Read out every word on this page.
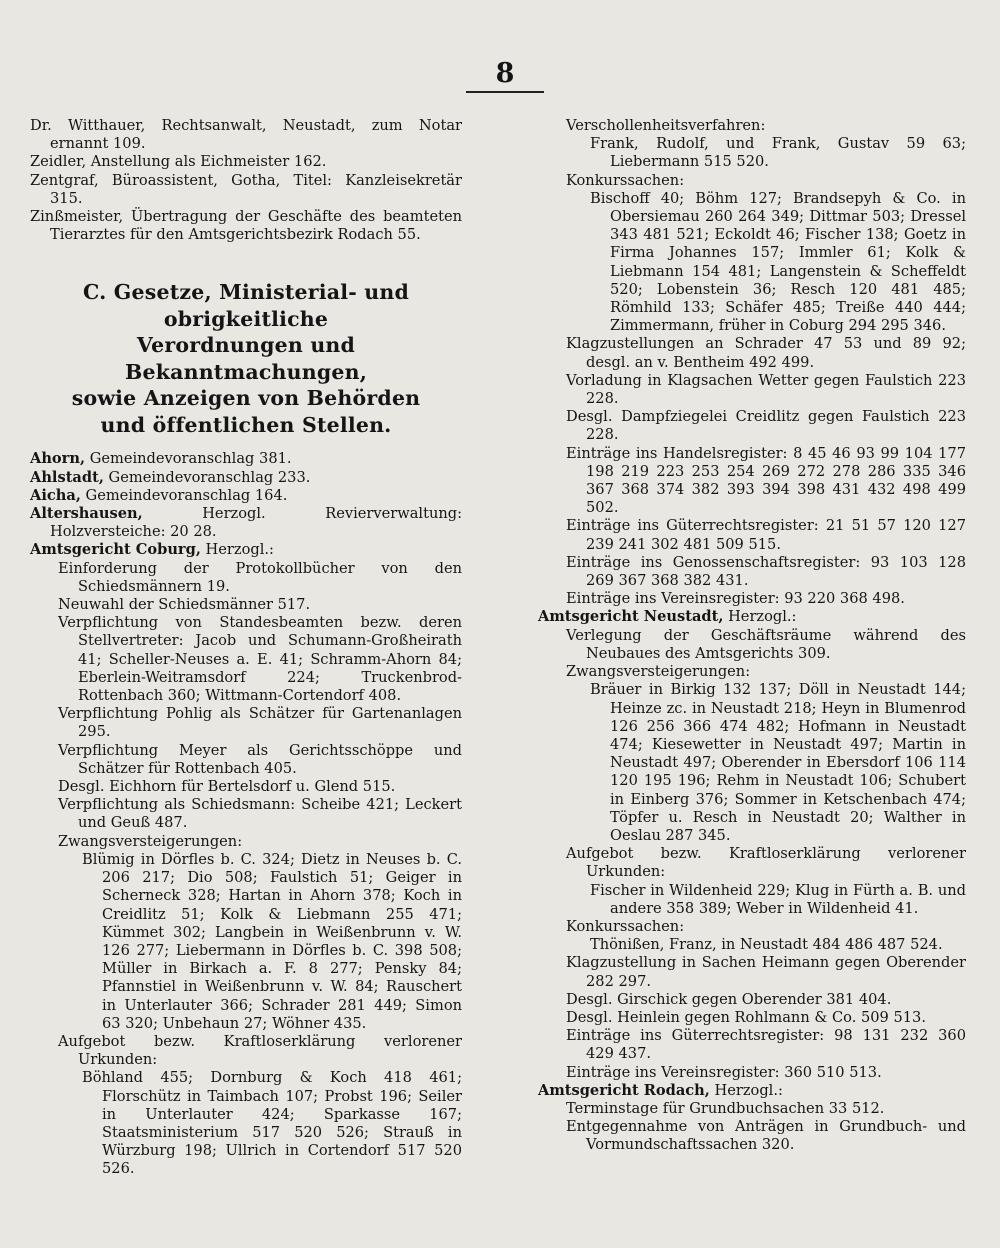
8

Dr. Witthauer, Rechtsanwalt, Neustadt, zum Notar ernannt 109.

Zeidler, Anstellung als Eichmeister 162.

Zentgraf, Büroassistent, Gotha, Titel: Kanzleisekretär 315.

Zinßmeister, Übertragung der Geschäfte des beamteten Tierarztes für den Amtsgerichtsbezirk Rodach 55.

C. Gesetze, Ministerial- und obrigkeitliche
Verordnungen und Bekanntmachungen,
sowie Anzeigen von Behörden
und öffentlichen Stellen.

Ahorn, Gemeindevoranschlag 381.

Ahlstadt, Gemeindevoranschlag 233.

Aicha, Gemeindevoranschlag 164.

Altershausen, Herzogl. Revierverwaltung: Holzversteiche: 20 28.

Amtsgericht Coburg, Herzogl.:

Einforderung der Protokollbücher von den Schiedsmännern 19.

Neuwahl der Schiedsmänner 517.

Verpflichtung von Standesbeamten bezw. deren Stellvertreter: Jacob und Schumann-Großheirath 41; Scheller-Neuses a. E. 41; Schramm-Ahorn 84; Eberlein-Weitramsdorf 224; Truckenbrod-Rottenbach 360; Wittmann-Cortendorf 408.

Verpflichtung Pohlig als Schätzer für Gartenanlagen 295.

Verpflichtung Meyer als Gerichtsschöppe und Schätzer für Rottenbach 405.

Desgl. Eichhorn für Bertelsdorf u. Glend 515.

Verpflichtung als Schiedsmann: Scheibe 421; Leckert und Geuß 487.

Zwangsversteigerungen:

Blümig in Dörfles b. C. 324; Dietz in Neuses b. C. 206 217; Dio 508; Faulstich 51; Geiger in Scherneck 328; Hartan in Ahorn 378; Koch in Creidlitz 51; Kolk & Liebmann 255 471; Kümmet 302; Langbein in Weißenbrunn v. W. 126 277; Liebermann in Dörfles b. C. 398 508; Müller in Birkach a. F. 8 277; Pensky 84; Pfannstiel in Weißenbrunn v. W. 84; Rauschert in Unterlauter 366; Schrader 281 449; Simon 63 320; Unbehaun 27; Wöhner 435.

Aufgebot bezw. Kraftloserklärung verlorener Urkunden:

Böhland 455; Dornburg & Koch 418 461; Florschütz in Taimbach 107; Probst 196; Seiler in Unterlauter 424; Sparkasse 167; Staatsministerium 517 520 526; Strauß in Würzburg 198; Ullrich in Cortendorf 517 520 526.

Verschollenheitsverfahren:

Frank, Rudolf, und Frank, Gustav 59 63; Liebermann 515 520.

Konkurssachen:

Bischoff 40; Böhm 127; Brandsepyh & Co. in Obersiemau 260 264 349; Dittmar 503; Dressel 343 481 521; Eckoldt 46; Fischer 138; Goetz in Firma Johannes 157; Immler 61; Kolk & Liebmann 154 481; Langenstein & Scheffeldt 520; Lobenstein 36; Resch 120 481 485; Römhild 133; Schäfer 485; Treiße 440 444; Zimmermann, früher in Coburg 294 295 346.

Klagzustellungen an Schrader 47 53 und 89 92; desgl. an v. Bentheim 492 499.

Vorladung in Klagsachen Wetter gegen Faulstich 223 228.

Desgl. Dampfziegelei Creidlitz gegen Faulstich 223 228.

Einträge ins Handelsregister: 8 45 46 93 99 104 177 198 219 223 253 254 269 272 278 286 335 346 367 368 374 382 393 394 398 431 432 498 499 502.

Einträge ins Güterrechtsregister: 21 51 57 120 127 239 241 302 481 509 515.

Einträge ins Genossenschaftsregister: 93 103 128 269 367 368 382 431.

Einträge ins Vereinsregister: 93 220 368 498.

Amtsgericht Neustadt, Herzogl.:

Verlegung der Geschäftsräume während des Neubaues des Amtsgerichts 309.

Zwangsversteigerungen:

Bräuer in Birkig 132 137; Döll in Neustadt 144; Heinze zc. in Neustadt 218; Heyn in Blumenrod 126 256 366 474 482; Hofmann in Neustadt 474; Kiesewetter in Neustadt 497; Martin in Neustadt 497; Oberender in Ebersdorf 106 114 120 195 196; Rehm in Neustadt 106; Schubert in Einberg 376; Sommer in Ketschenbach 474; Töpfer u. Resch in Neustadt 20; Walther in Oeslau 287 345.

Aufgebot bezw. Kraftloserklärung verlorener Urkunden:

Fischer in Wildenheid 229; Klug in Fürth a. B. und andere 358 389; Weber in Wildenheid 41.

Konkurssachen:

Thönißen, Franz, in Neustadt 484 486 487 524.

Klagzustellung in Sachen Heimann gegen Oberender 282 297.

Desgl. Girschick gegen Oberender 381 404.

Desgl. Heinlein gegen Rohlmann & Co. 509 513.

Einträge ins Güterrechtsregister: 98 131 232 360 429 437.

Einträge ins Vereinsregister: 360 510 513.

Amtsgericht Rodach, Herzogl.:

Terminstage für Grundbuchsachen 33 512.

Entgegennahme von Anträgen in Grundbuch- und Vormundschaftssachen 320.
